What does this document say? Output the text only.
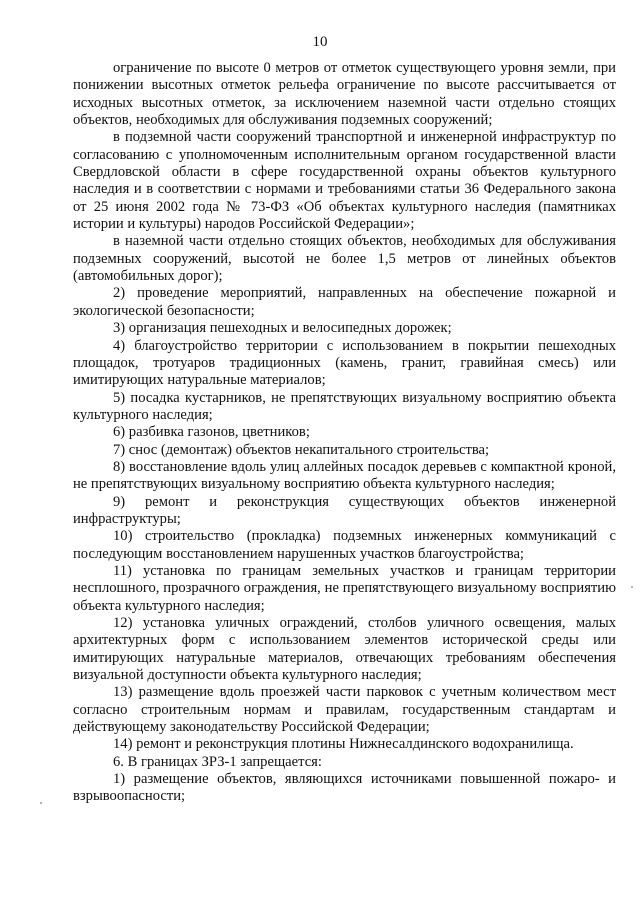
10

ограничение по высоте 0 метров от отметок существующего уровня земли, при понижении высотных отметок рельефа ограничение по высоте рассчитывается от исходных высотных отметок, за исключением наземной части отдельно стоящих объектов, необходимых для обслуживания подземных сооружений;

в подземной части сооружений транспортной и инженерной инфраструктур по согласованию с уполномоченным исполнительным органом государственной власти Свердловской области в сфере государственной охраны объектов культурного наследия и в соответствии с нормами и требованиями статьи 36 Федерального закона от 25 июня 2002 года № 73-ФЗ «Об объектах культурного наследия (памятниках истории и культуры) народов Российской Федерации»;

в наземной части отдельно стоящих объектов, необходимых для обслуживания подземных сооружений, высотой не более 1,5 метров от линейных объектов (автомобильных дорог);

2) проведение мероприятий, направленных на обеспечение пожарной и экологической безопасности;

3) организация пешеходных и велосипедных дорожек;

4) благоустройство территории с использованием в покрытии пешеходных площадок, тротуаров традиционных (камень, гранит, гравийная смесь) или имитирующих натуральные материалов;

5) посадка кустарников, не препятствующих визуальному восприятию объекта культурного наследия;

6) разбивка газонов, цветников;

7) снос (демонтаж) объектов некапитального строительства;

8) восстановление вдоль улиц аллейных посадок деревьев с компактной кроной, не препятствующих визуальному восприятию объекта культурного наследия;

9) ремонт и реконструкция существующих объектов инженерной инфраструктуры;

10) строительство (прокладка) подземных инженерных коммуникаций с последующим восстановлением нарушенных участков благоустройства;

11) установка по границам земельных участков и границам территории несплошного, прозрачного ограждения, не препятствующего визуальному восприятию объекта культурного наследия;

12) установка уличных ограждений, столбов уличного освещения, малых архитектурных форм с использованием элементов исторической среды или имитирующих натуральные материалов, отвечающих требованиям обеспечения визуальной доступности объекта культурного наследия;

13) размещение вдоль проезжей части парковок с учетным количеством мест согласно строительным нормам и правилам, государственным стандартам и действующему законодательству Российской Федерации;

14) ремонт и реконструкция плотины Нижнесалдинского водохранилища.

6. В границах ЗРЗ-1 запрещается:

1) размещение объектов, являющихся источниками повышенной пожаро- и взрывоопасности;
